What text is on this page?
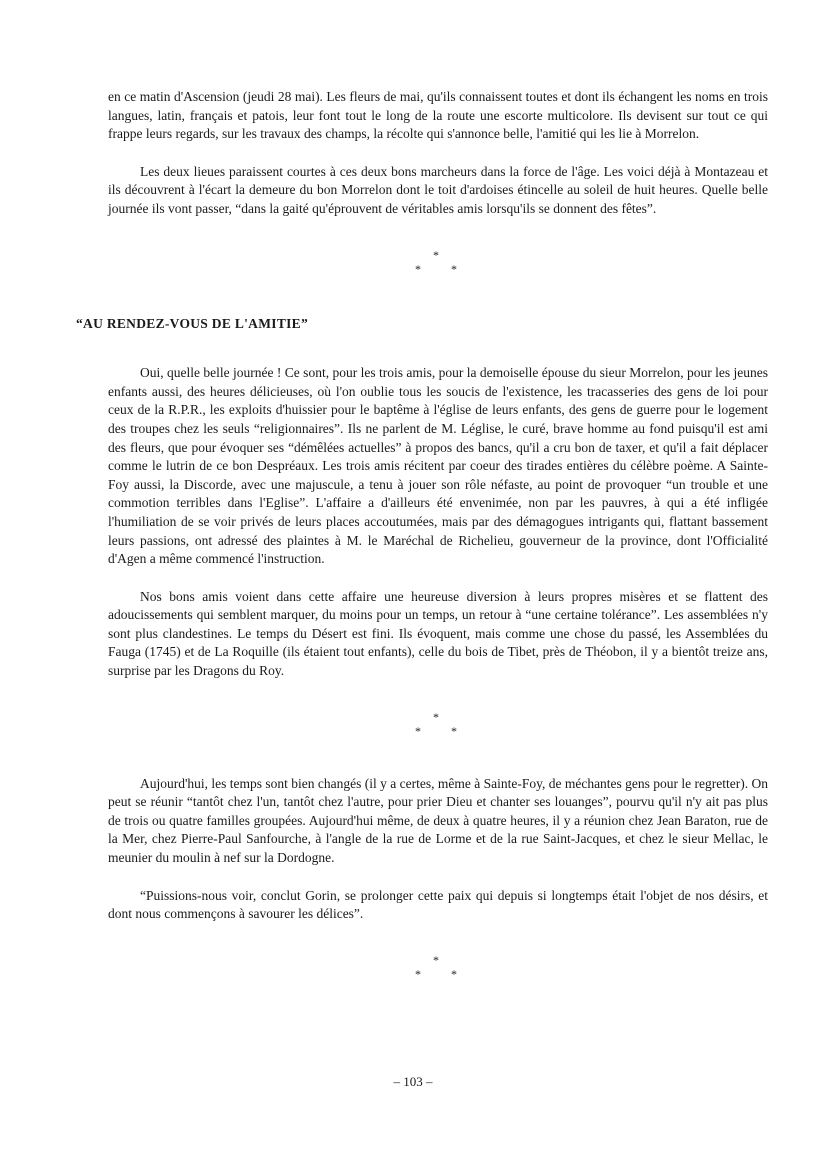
en ce matin d'Ascension (jeudi 28 mai). Les fleurs de mai, qu'ils connaissent toutes et dont ils échangent les noms en trois langues, latin, français et patois, leur font tout le long de la route une escorte multicolore. Ils devisent sur tout ce qui frappe leurs regards, sur les travaux des champs, la récolte qui s'annonce belle, l'amitié qui les lie à Morrelon.

Les deux lieues paraissent courtes à ces deux bons marcheurs dans la force de l'âge. Les voici déjà à Montazeau et ils découvrent à l'écart la demeure du bon Morrelon dont le toit d'ardoises étincelle au soleil de huit heures. Quelle belle journée ils vont passer, “dans la gaité qu'éprouvent de véritables amis lorsqu'ils se donnent des fêtes”.

*
*	*

“AU RENDEZ-VOUS DE L'AMITIE”

Oui, quelle belle journée ! Ce sont, pour les trois amis, pour la demoiselle épouse du sieur Morrelon, pour les jeunes enfants aussi, des heures délicieuses, où l'on oublie tous les soucis de l'existence, les tracasseries des gens de loi pour ceux de la R.P.R., les exploits d'huissier pour le baptême à l'église de leurs enfants, des gens de guerre pour le logement des troupes chez les seuls “religionnaires”. Ils ne parlent de M. Léglise, le curé, brave homme au fond puisqu'il est ami des fleurs, que pour évoquer ses “démêlées actuelles” à propos des bancs, qu'il a cru bon de taxer, et qu'il a fait déplacer comme le lutrin de ce bon Despréaux. Les trois amis récitent par coeur des tirades entières du célèbre poème. A Sainte-Foy aussi, la Discorde, avec une majuscule, a tenu à jouer son rôle néfaste, au point de provoquer “un trouble et une commotion terribles dans l'Eglise”. L'affaire a d'ailleurs été envenimée, non par les pauvres, à qui a été infligée l'humiliation de se voir privés de leurs places accoutumées, mais par des démagogues intrigants qui, flattant bassement leurs passions, ont adressé des plaintes à M. le Maréchal de Richelieu, gouverneur de la province, dont l'Officialité d'Agen a même commencé l'instruction.

Nos bons amis voient dans cette affaire une heureuse diversion à leurs propres misères et se flattent des adoucissements qui semblent marquer, du moins pour un temps, un retour à “une certaine tolérance”. Les assemblées n'y sont plus clandestines. Le temps du Désert est fini. Ils évoquent, mais comme une chose du passé, les Assemblées du Fauga (1745) et de La Roquille (ils étaient tout enfants), celle du bois de Tibet, près de Théobon, il y a bientôt treize ans, surprise par les Dragons du Roy.

*
*	*

Aujourd'hui, les temps sont bien changés (il y a certes, même à Sainte-Foy, de méchantes gens pour le regretter). On peut se réunir “tantôt chez l'un, tantôt chez l'autre, pour prier Dieu et chanter ses louanges”, pourvu qu'il n'y ait pas plus de trois ou quatre familles groupées. Aujourd'hui même, de deux à quatre heures, il y a réunion chez Jean Baraton, rue de la Mer, chez Pierre-Paul Sanfourche, à l'angle de la rue de Lorme et de la rue Saint-Jacques, et chez le sieur Mellac, le meunier du moulin à nef sur la Dordogne.

“Puissions-nous voir, conclut Gorin, se prolonger cette paix qui depuis si longtemps était l'objet de nos désirs, et dont nous commençons à savourer les délices”.

*
*	*
– 103 –
